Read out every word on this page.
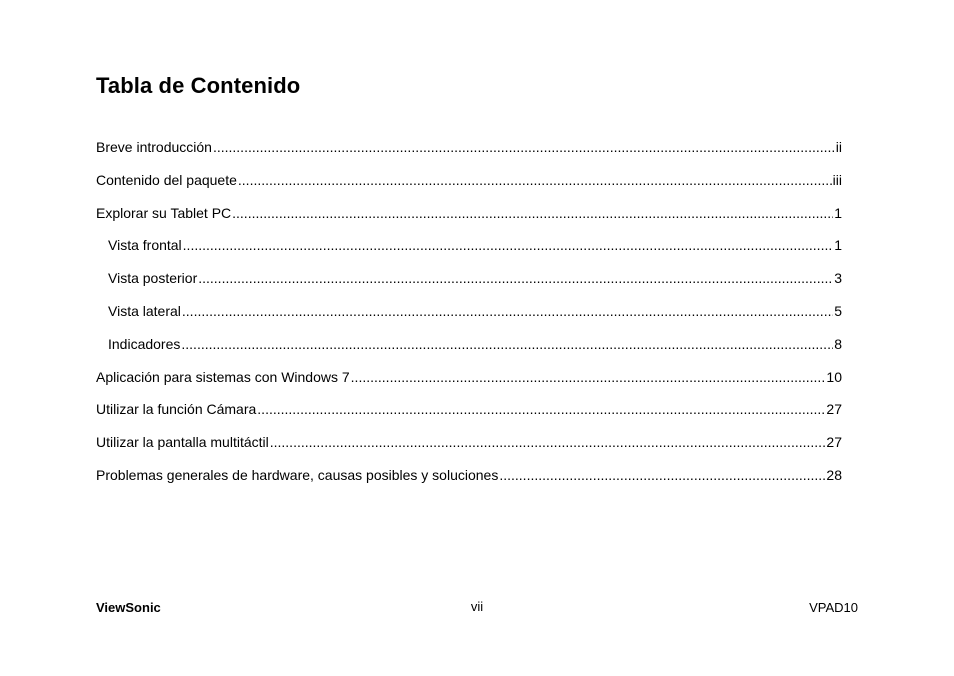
Tabla de Contenido
Breve introducción .....	ii
Contenido del paquete .....	iii
Explorar su Tablet PC .....	1
Vista frontal .....	1
Vista posterior .....	3
Vista lateral .....	5
Indicadores .....	8
Aplicación para sistemas con Windows 7 .....	10
Utilizar la función Cámara .....	27
Utilizar la pantalla multitáctil .....	27
Problemas generales de hardware, causas posibles y soluciones .....	28
ViewSonic	vii	VPAD10
